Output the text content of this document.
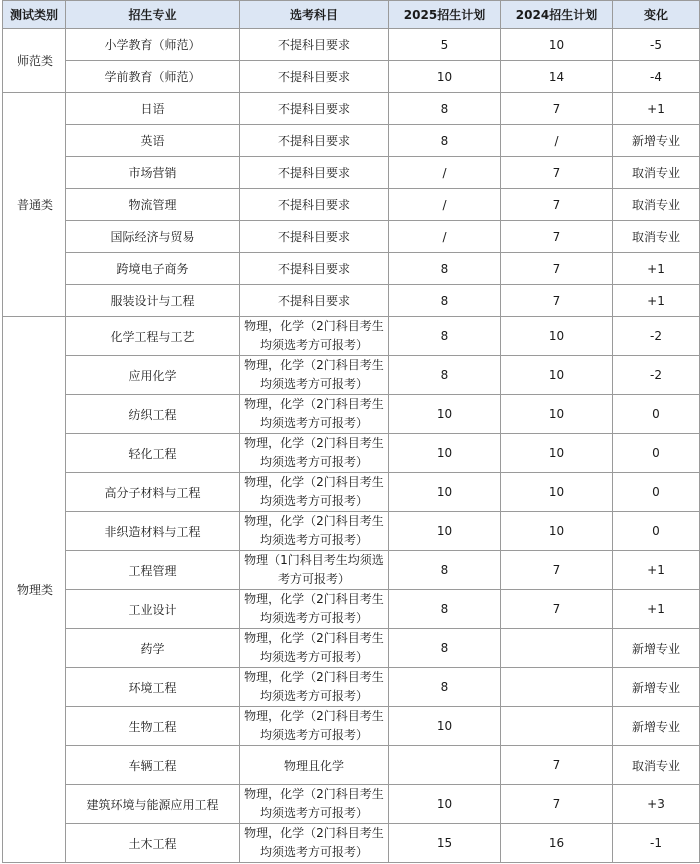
测试类别	招生专业	选考科目	2025招生计划	2024招生计划	变化
师范类	小学教育（师范）	不提科目要求	5	10	-5
	学前教育（师范）	不提科目要求	10	14	-4
普通类	日语	不提科目要求	8	7	+1
	英语	不提科目要求	8	/	新增专业
	市场营销	不提科目要求	/	7	取消专业
	物流管理	不提科目要求	/	7	取消专业
	国际经济与贸易	不提科目要求	/	7	取消专业
	跨境电子商务	不提科目要求	8	7	+1
	服装设计与工程	不提科目要求	8	7	+1
物理类	化学工程与工艺	物理，化学（2门科目考生
均须选考方可报考）	8	10	-2
	应用化学	物理，化学（2门科目考生
均须选考方可报考）	8	10	-2
	纺织工程	物理，化学（2门科目考生
均须选考方可报考）	10	10	0
	轻化工程	物理，化学（2门科目考生
均须选考方可报考）	10	10	0
	高分子材料与工程	物理，化学（2门科目考生
均须选考方可报考）	10	10	0
	非织造材料与工程	物理，化学（2门科目考生
均须选考方可报考）	10	10	0
	工程管理	物理（1门科目考生均须选
考方可报考）	8	7	+1
	工业设计	物理，化学（2门科目考生
均须选考方可报考）	8	7	+1
	药学	物理，化学（2门科目考生
均须选考方可报考）	8		新增专业
	环境工程	物理，化学（2门科目考生
均须选考方可报考）	8		新增专业
	生物工程	物理，化学（2门科目考生
均须选考方可报考）	10		新增专业
	车辆工程	物理且化学		7	取消专业
	建筑环境与能源应用工程	物理，化学（2门科目考生
均须选考方可报考）	10	7	+3
	土木工程	物理，化学（2门科目考生
均须选考方可报考）	15	16	-1
